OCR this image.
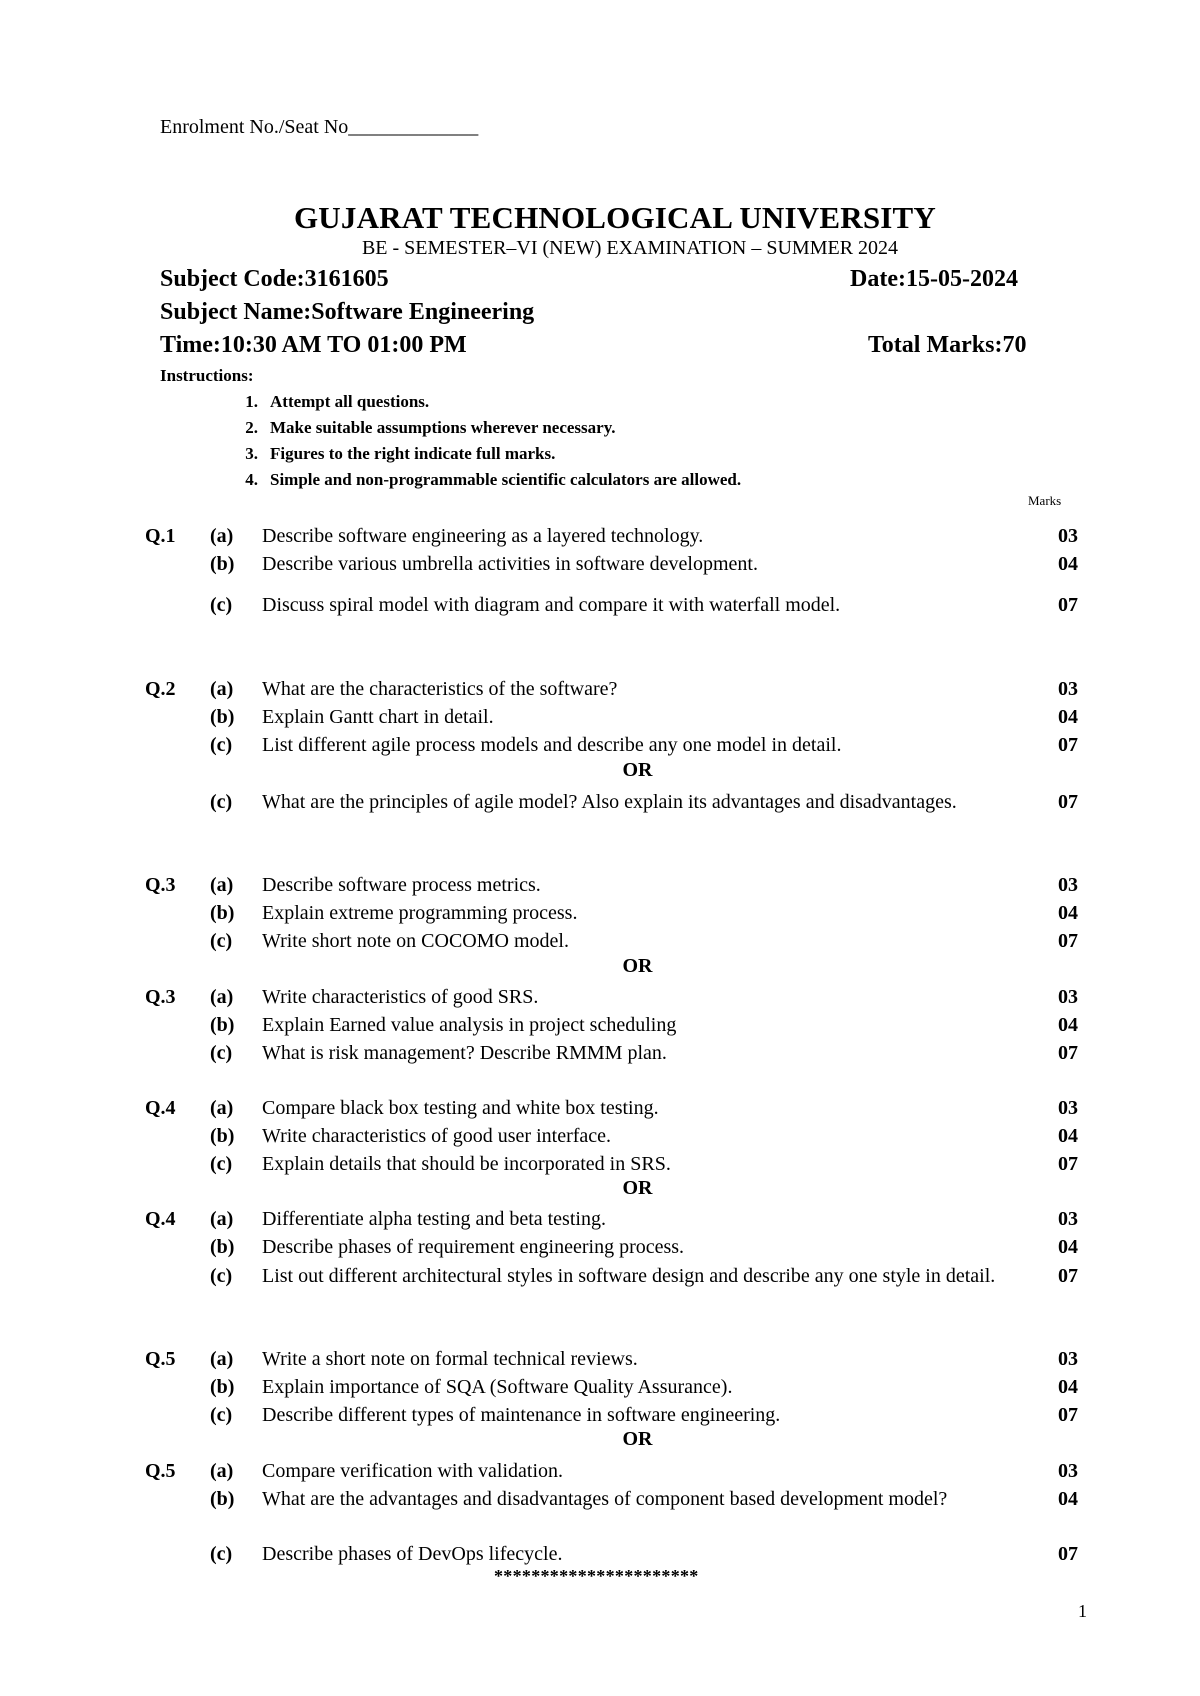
Enrolment No./Seat No_____________
GUJARAT TECHNOLOGICAL UNIVERSITY
BE - SEMESTER–VI (NEW) EXAMINATION – SUMMER 2024
Subject Code:3161605	Date:15-05-2024
Subject Name:Software Engineering
Time:10:30 AM TO 01:00 PM	Total Marks:70
Instructions:
1. Attempt all questions.
2. Make suitable assumptions wherever necessary.
3. Figures to the right indicate full marks.
4. Simple and non-programmable scientific calculators are allowed.
Marks
Q.1 (a) Describe software engineering as a layered technology.	03
(b) Describe various umbrella activities in software development.	04
(c) Discuss spiral model with diagram and compare it with waterfall model.	07
Q.2 (a) What are the characteristics of the software?	03
(b) Explain Gantt chart in detail.	04
(c) List different agile process models and describe any one model in detail.	07
OR
(c) What are the principles of agile model? Also explain its advantages and disadvantages.	07
Q.3 (a) Describe software process metrics.	03
(b) Explain extreme programming process.	04
(c) Write short note on COCOMO model.	07
OR
Q.3 (a) Write characteristics of good SRS.	03
(b) Explain Earned value analysis in project scheduling	04
(c) What is risk management? Describe RMMM plan.	07
Q.4 (a) Compare black box testing and white box testing.	03
(b) Write characteristics of good user interface.	04
(c) Explain details that should be incorporated in SRS.	07
OR
Q.4 (a) Differentiate alpha testing and beta testing.	03
(b) Describe phases of requirement engineering process.	04
(c) List out different architectural styles in software design and describe any one style in detail.	07
Q.5 (a) Write a short note on formal technical reviews.	03
(b) Explain importance of SQA (Software Quality Assurance).	04
(c) Describe different types of maintenance in software engineering.	07
OR
Q.5 (a) Compare verification with validation.	03
(b) What are the advantages and disadvantages of component based development model?	04
(c) Describe phases of DevOps lifecycle.	07
**********************
1
